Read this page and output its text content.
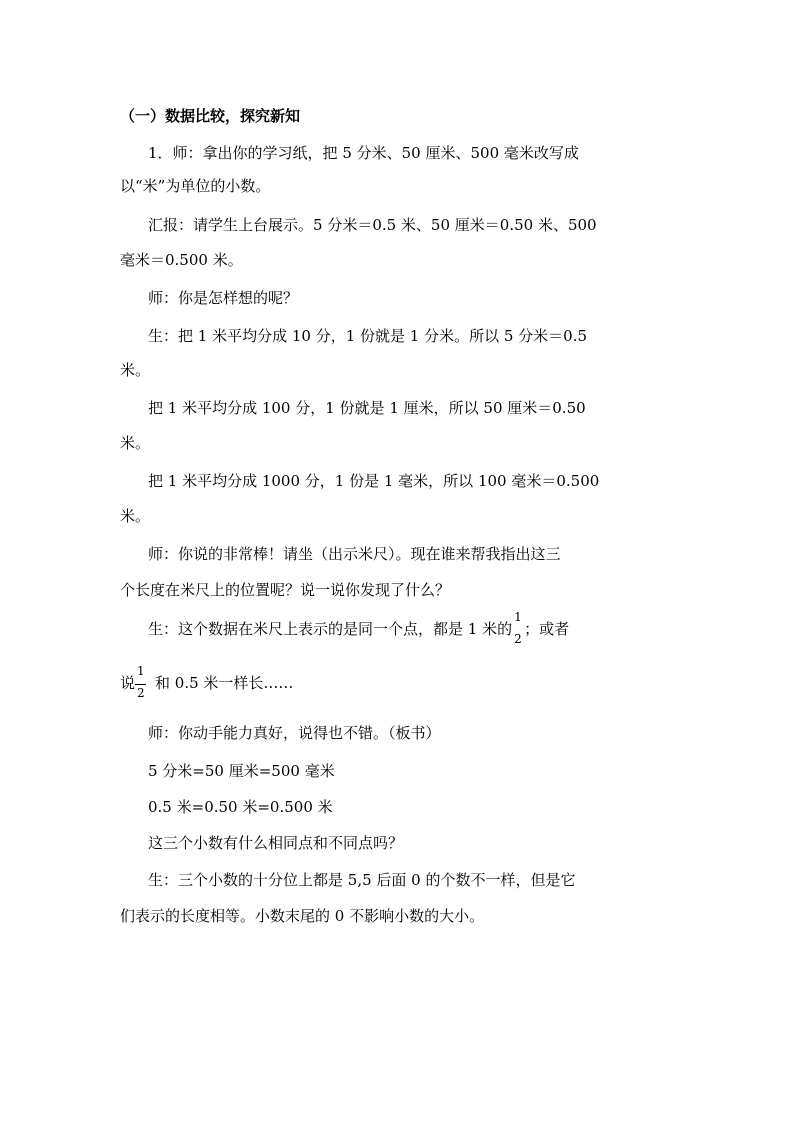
（一）数据比较，探究新知
1．师：拿出你的学习纸，把 5 分米、50 厘米、500 毫米改写成
以“米”为单位的小数。
汇报：请学生上台展示。5 分米＝0.5 米、50 厘米＝0.50 米、500
毫米＝0.500 米。
师：你是怎样想的呢？
生：把 1 米平均分成 10 分，1 份就是 1 分米。所以 5 分米＝0.5
米。
把 1 米平均分成 100 分，1 份就是 1 厘米，所以 50 厘米＝0.50
米。
把 1 米平均分成 1000 分，1 份是 1 毫米，所以 100 毫米＝0.500
米。
师：你说的非常棒！请坐（出示米尺）。现在谁来帮我指出这三
个长度在米尺上的位置呢？说一说你发现了什么？
生：这个数据在米尺上表示的是同一个点，都是 1 米的
1
2
；或者
说
1
2
和 0.5 米一样长……
师：你动手能力真好，说得也不错。（板书）
5 分米=50 厘米=500 毫米
0.5 米=0.50 米=0.500 米
这三个小数有什么相同点和不同点吗？
生：三个小数的十分位上都是 5,5 后面 0 的个数不一样，但是它
们表示的长度相等。小数末尾的 0 不影响小数的大小。
